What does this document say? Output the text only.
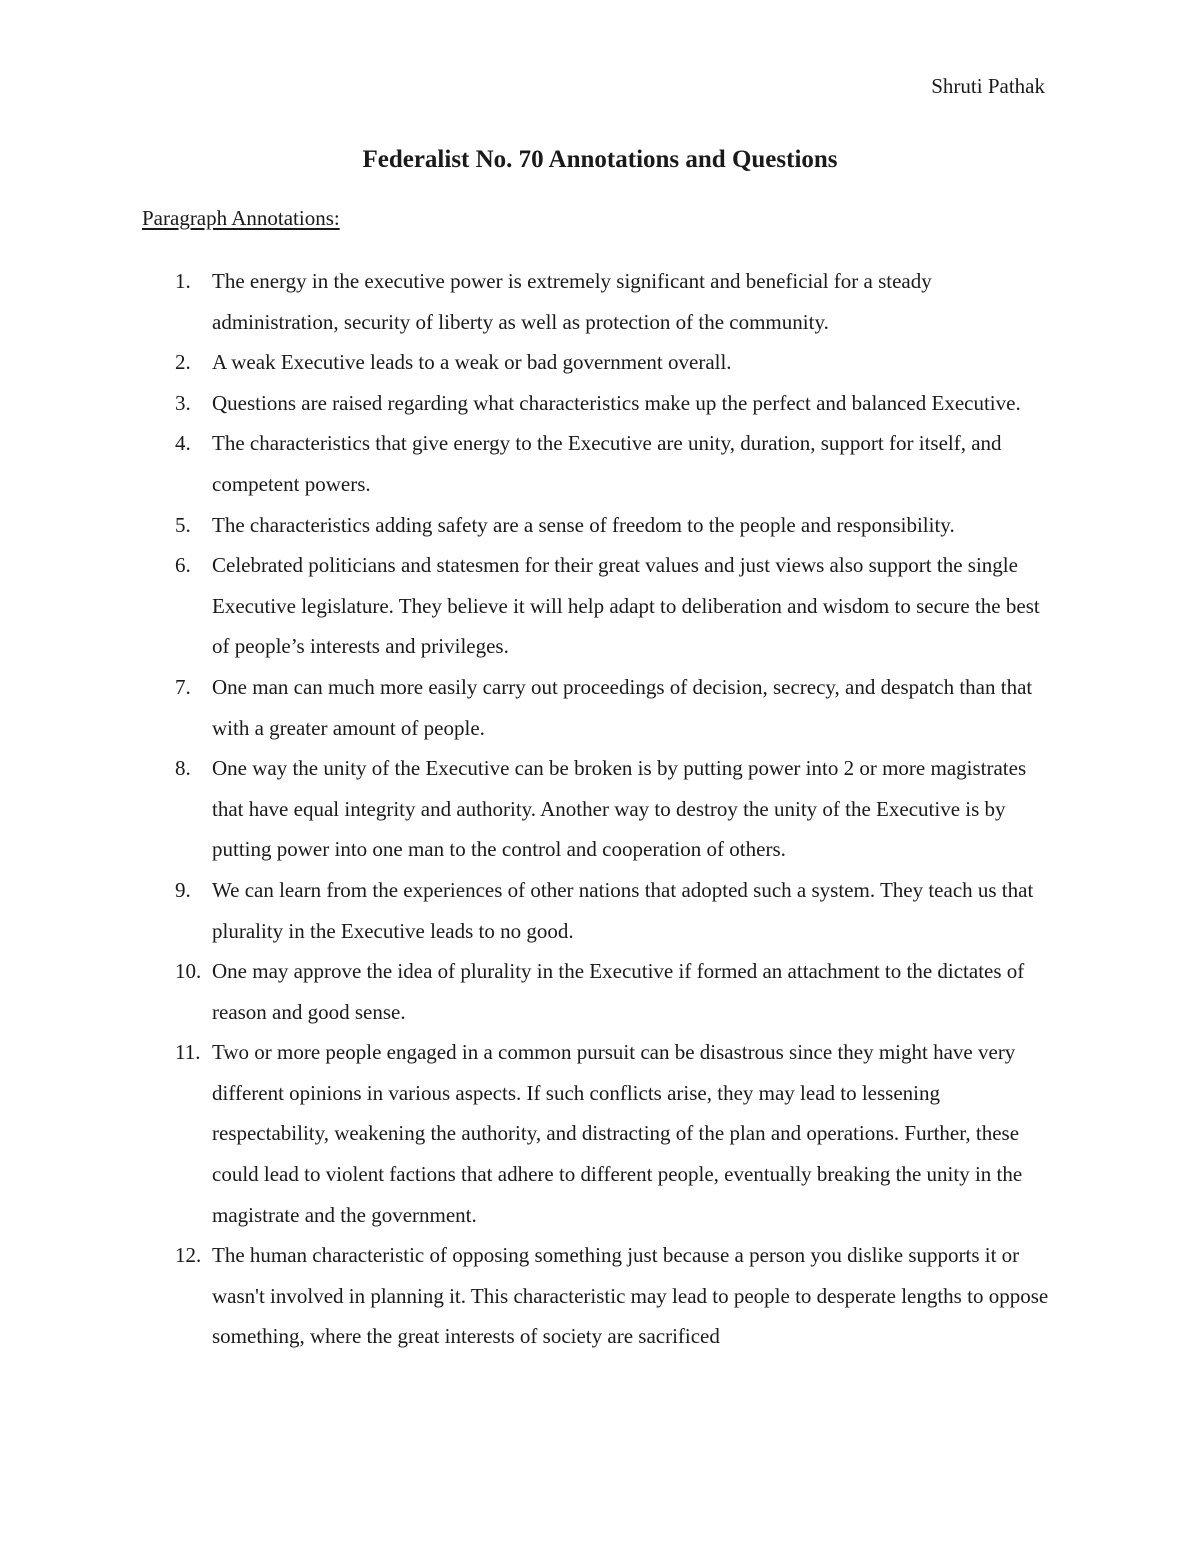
Shruti Pathak
Federalist No. 70 Annotations and Questions
Paragraph Annotations:
1. The energy in the executive power is extremely significant and beneficial for a steady administration, security of liberty as well as protection of the community.
2. A weak Executive leads to a weak or bad government overall.
3. Questions are raised regarding what characteristics make up the perfect and balanced Executive.
4. The characteristics that give energy to the Executive are unity, duration, support for itself, and competent powers.
5. The characteristics adding safety are a sense of freedom to the people and responsibility.
6. Celebrated politicians and statesmen for their great values and just views also support the single Executive legislature. They believe it will help adapt to deliberation and wisdom to secure the best of people’s interests and privileges.
7. One man can much more easily carry out proceedings of decision, secrecy, and despatch than that with a greater amount of people.
8. One way the unity of the Executive can be broken is by putting power into 2 or more magistrates that have equal integrity and authority. Another way to destroy the unity of the Executive is by putting power into one man to the control and cooperation of others.
9. We can learn from the experiences of other nations that adopted such a system. They teach us that plurality in the Executive leads to no good.
10. One may approve the idea of plurality in the Executive if formed an attachment to the dictates of reason and good sense.
11. Two or more people engaged in a common pursuit can be disastrous since they might have very different opinions in various aspects. If such conflicts arise, they may lead to lessening respectability, weakening the authority, and distracting of the plan and operations. Further, these could lead to violent factions that adhere to different people, eventually breaking the unity in the magistrate and the government.
12. The human characteristic of opposing something just because a person you dislike supports it or wasn't involved in planning it. This characteristic may lead to people to desperate lengths to oppose something, where the great interests of society are sacrificed
